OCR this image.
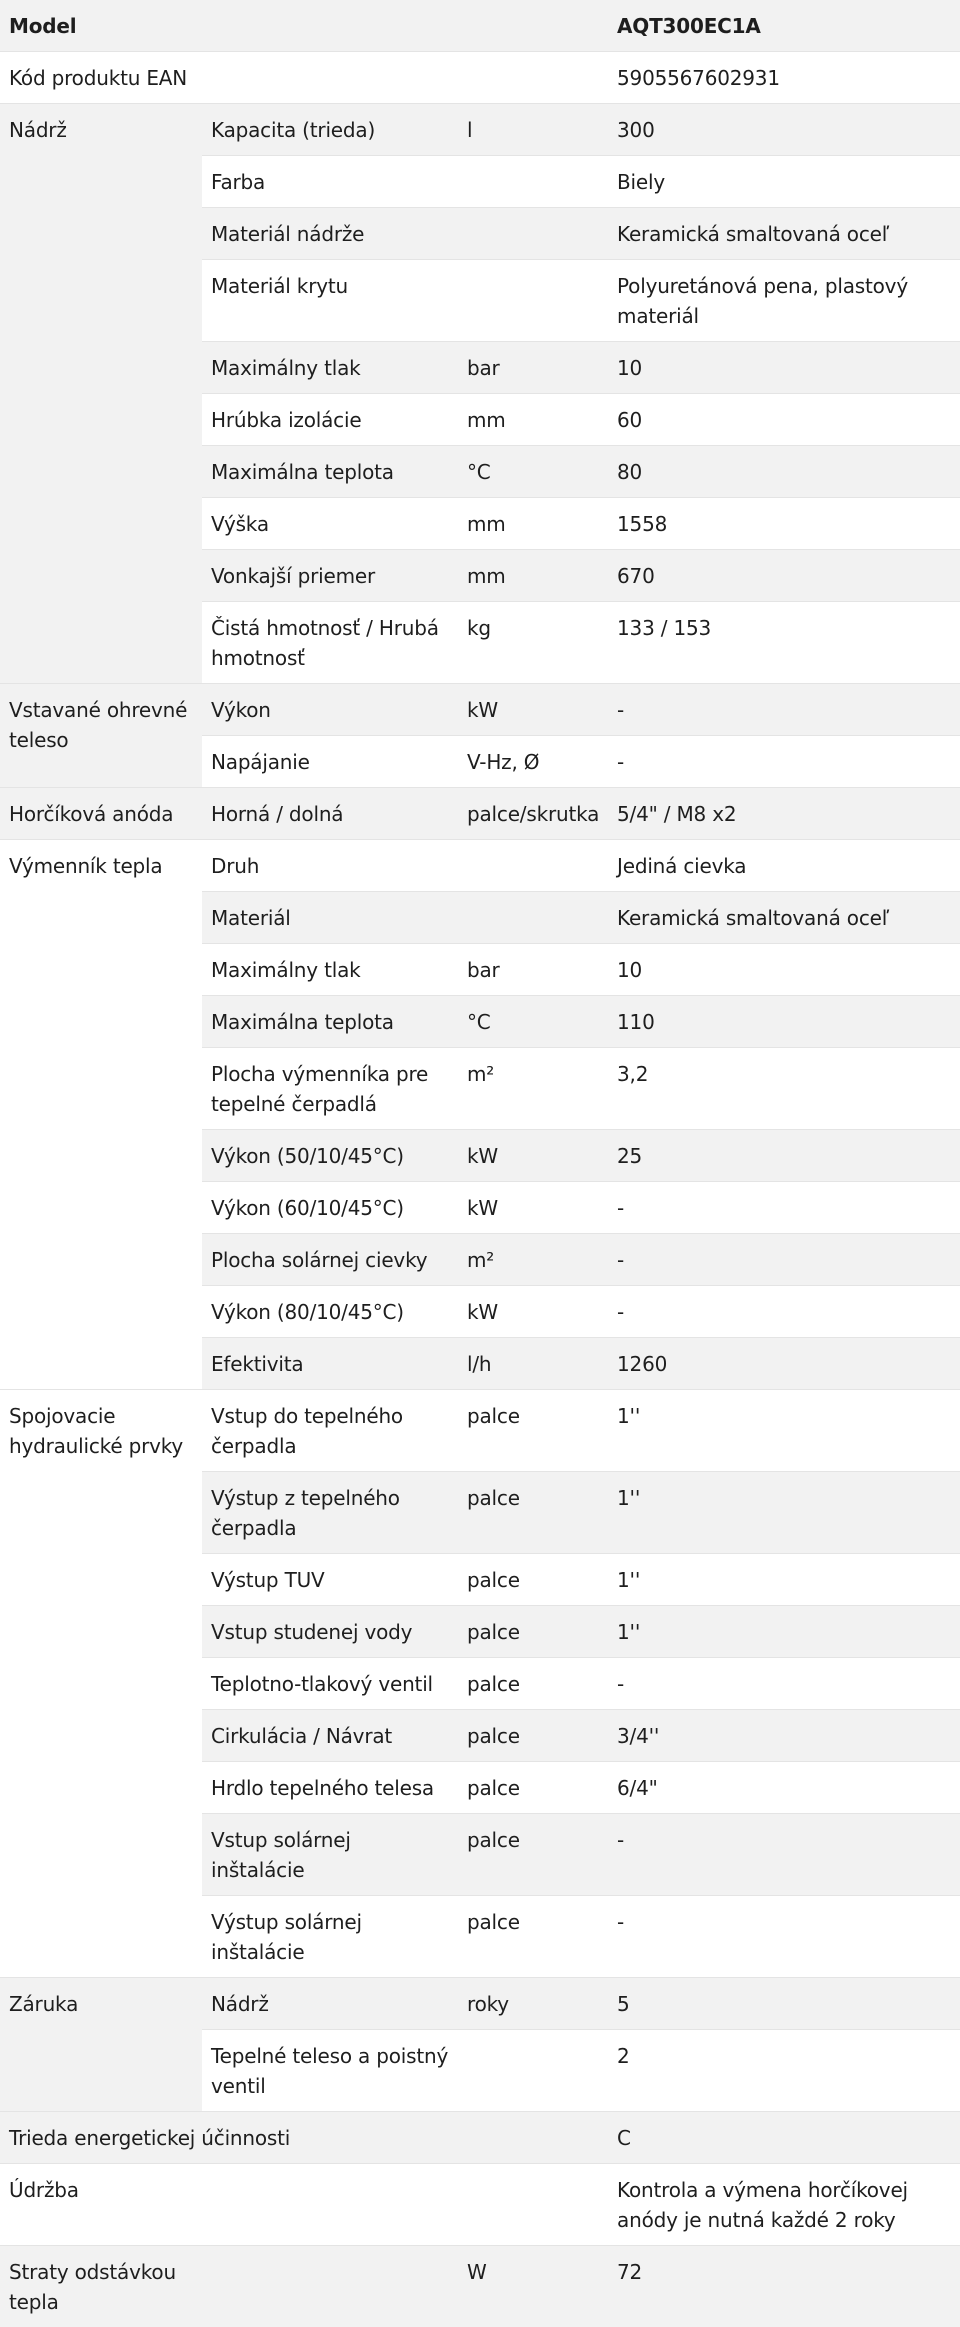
Model			AQT300EC1A
Kód produktu EAN			5905567602931
Nádrž	Kapacita (trieda)	l	300
	Farba		Biely
	Materiál nádrže		Keramická smaltovaná oceľ
	Materiál krytu		Polyuretánová pena, plastový materiál
	Maximálny tlak	bar	10
	Hrúbka izolácie	mm	60
	Maximálna teplota	°C	80
	Výška	mm	1558
	Vonkajší priemer	mm	670
	Čistá hmotnosť / Hrubá hmotnosť	kg	133 / 153
Vstavané ohrevné teleso	Výkon	kW	-
	Napájanie	V-Hz, Ø	-
Horčíková anóda	Horná / dolná	palce/skrutka	5/4" / M8 x2
Výmenník tepla	Druh		Jediná cievka
	Materiál		Keramická smaltovaná oceľ
	Maximálny tlak	bar	10
	Maximálna teplota	°C	110
	Plocha výmenníka pre tepelné čerpadlá	m²	3,2
	Výkon (50/10/45°C)	kW	25
	Výkon (60/10/45°C)	kW	-
	Plocha solárnej cievky	m²	-
	Výkon (80/10/45°C)	kW	-
	Efektivita	l/h	1260
Spojovacie hydraulické prvky	Vstup do tepelného čerpadla	palce	1''
	Výstup z tepelného čerpadla	palce	1''
	Výstup TUV	palce	1''
	Vstup studenej vody	palce	1''
	Teplotno-tlakový ventil	palce	-
	Cirkulácia / Návrat	palce	3/4''
	Hrdlo tepelného telesa	palce	6/4"
	Vstup solárnej inštalácie	palce	-
	Výstup solárnej inštalácie	palce	-
Záruka	Nádrž	roky	5
	Tepelné teleso a poistný ventil		2
Trieda energetickej účinnosti			C
Údržba			Kontrola a výmena horčíkovej anódy je nutná každé 2 roky
Straty odstávkou tepla		W	72
